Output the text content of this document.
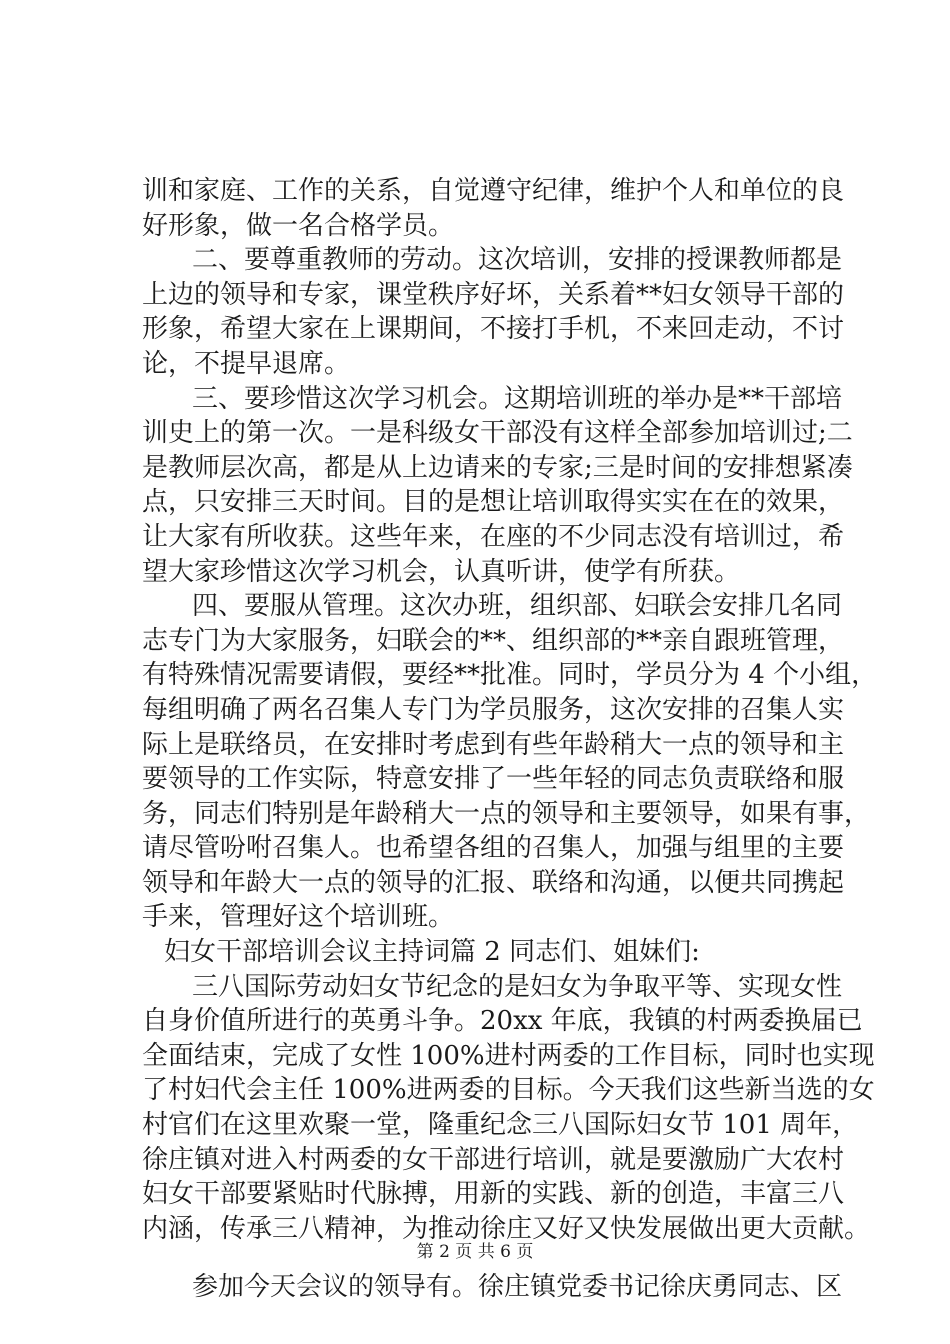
训和家庭、工作的关系，自觉遵守纪律，维护个人和单位的良
好形象，做一名合格学员。
二、要尊重教师的劳动。这次培训，安排的授课教师都是
上边的领导和专家，课堂秩序好坏，关系着**妇女领导干部的
形象，希望大家在上课期间，不接打手机，不来回走动，不讨
论，不提早退席。
三、要珍惜这次学习机会。这期培训班的举办是**干部培
训史上的第一次。一是科级女干部没有这样全部参加培训过;二
是教师层次高，都是从上边请来的专家;三是时间的安排想紧凑
点，只安排三天时间。目的是想让培训取得实实在在的效果，
让大家有所收获。这些年来，在座的不少同志没有培训过，希
望大家珍惜这次学习机会，认真听讲，使学有所获。
四、要服从管理。这次办班，组织部、妇联会安排几名同
志专门为大家服务，妇联会的**、组织部的**亲自跟班管理，
有特殊情况需要请假，要经**批准。同时，学员分为 4 个小组，
每组明确了两名召集人专门为学员服务，这次安排的召集人实
际上是联络员，在安排时考虑到有些年龄稍大一点的领导和主
要领导的工作实际，特意安排了一些年轻的同志负责联络和服
务，同志们特别是年龄稍大一点的领导和主要领导，如果有事，
请尽管吩咐召集人。也希望各组的召集人，加强与组里的主要
领导和年龄大一点的领导的汇报、联络和沟通，以便共同携起
手来，管理好这个培训班。
妇女干部培训会议主持词篇 2 同志们、姐妹们:
三八国际劳动妇女节纪念的是妇女为争取平等、实现女性
自身价值所进行的英勇斗争。20xx 年底，我镇的村两委换届已
全面结束，完成了女性 100%进村两委的工作目标，同时也实现
了村妇代会主任 100%进两委的目标。今天我们这些新当选的女
村官们在这里欢聚一堂，隆重纪念三八国际妇女节 101 周年，
徐庄镇对进入村两委的女干部进行培训，就是要激励广大农村
妇女干部要紧贴时代脉搏，用新的实践、新的创造，丰富三八
内涵，传承三八精神，为推动徐庄又好又快发展做出更大贡献。
参加今天会议的领导有。徐庄镇党委书记徐庆勇同志、区
第 2 页 共 6 页
